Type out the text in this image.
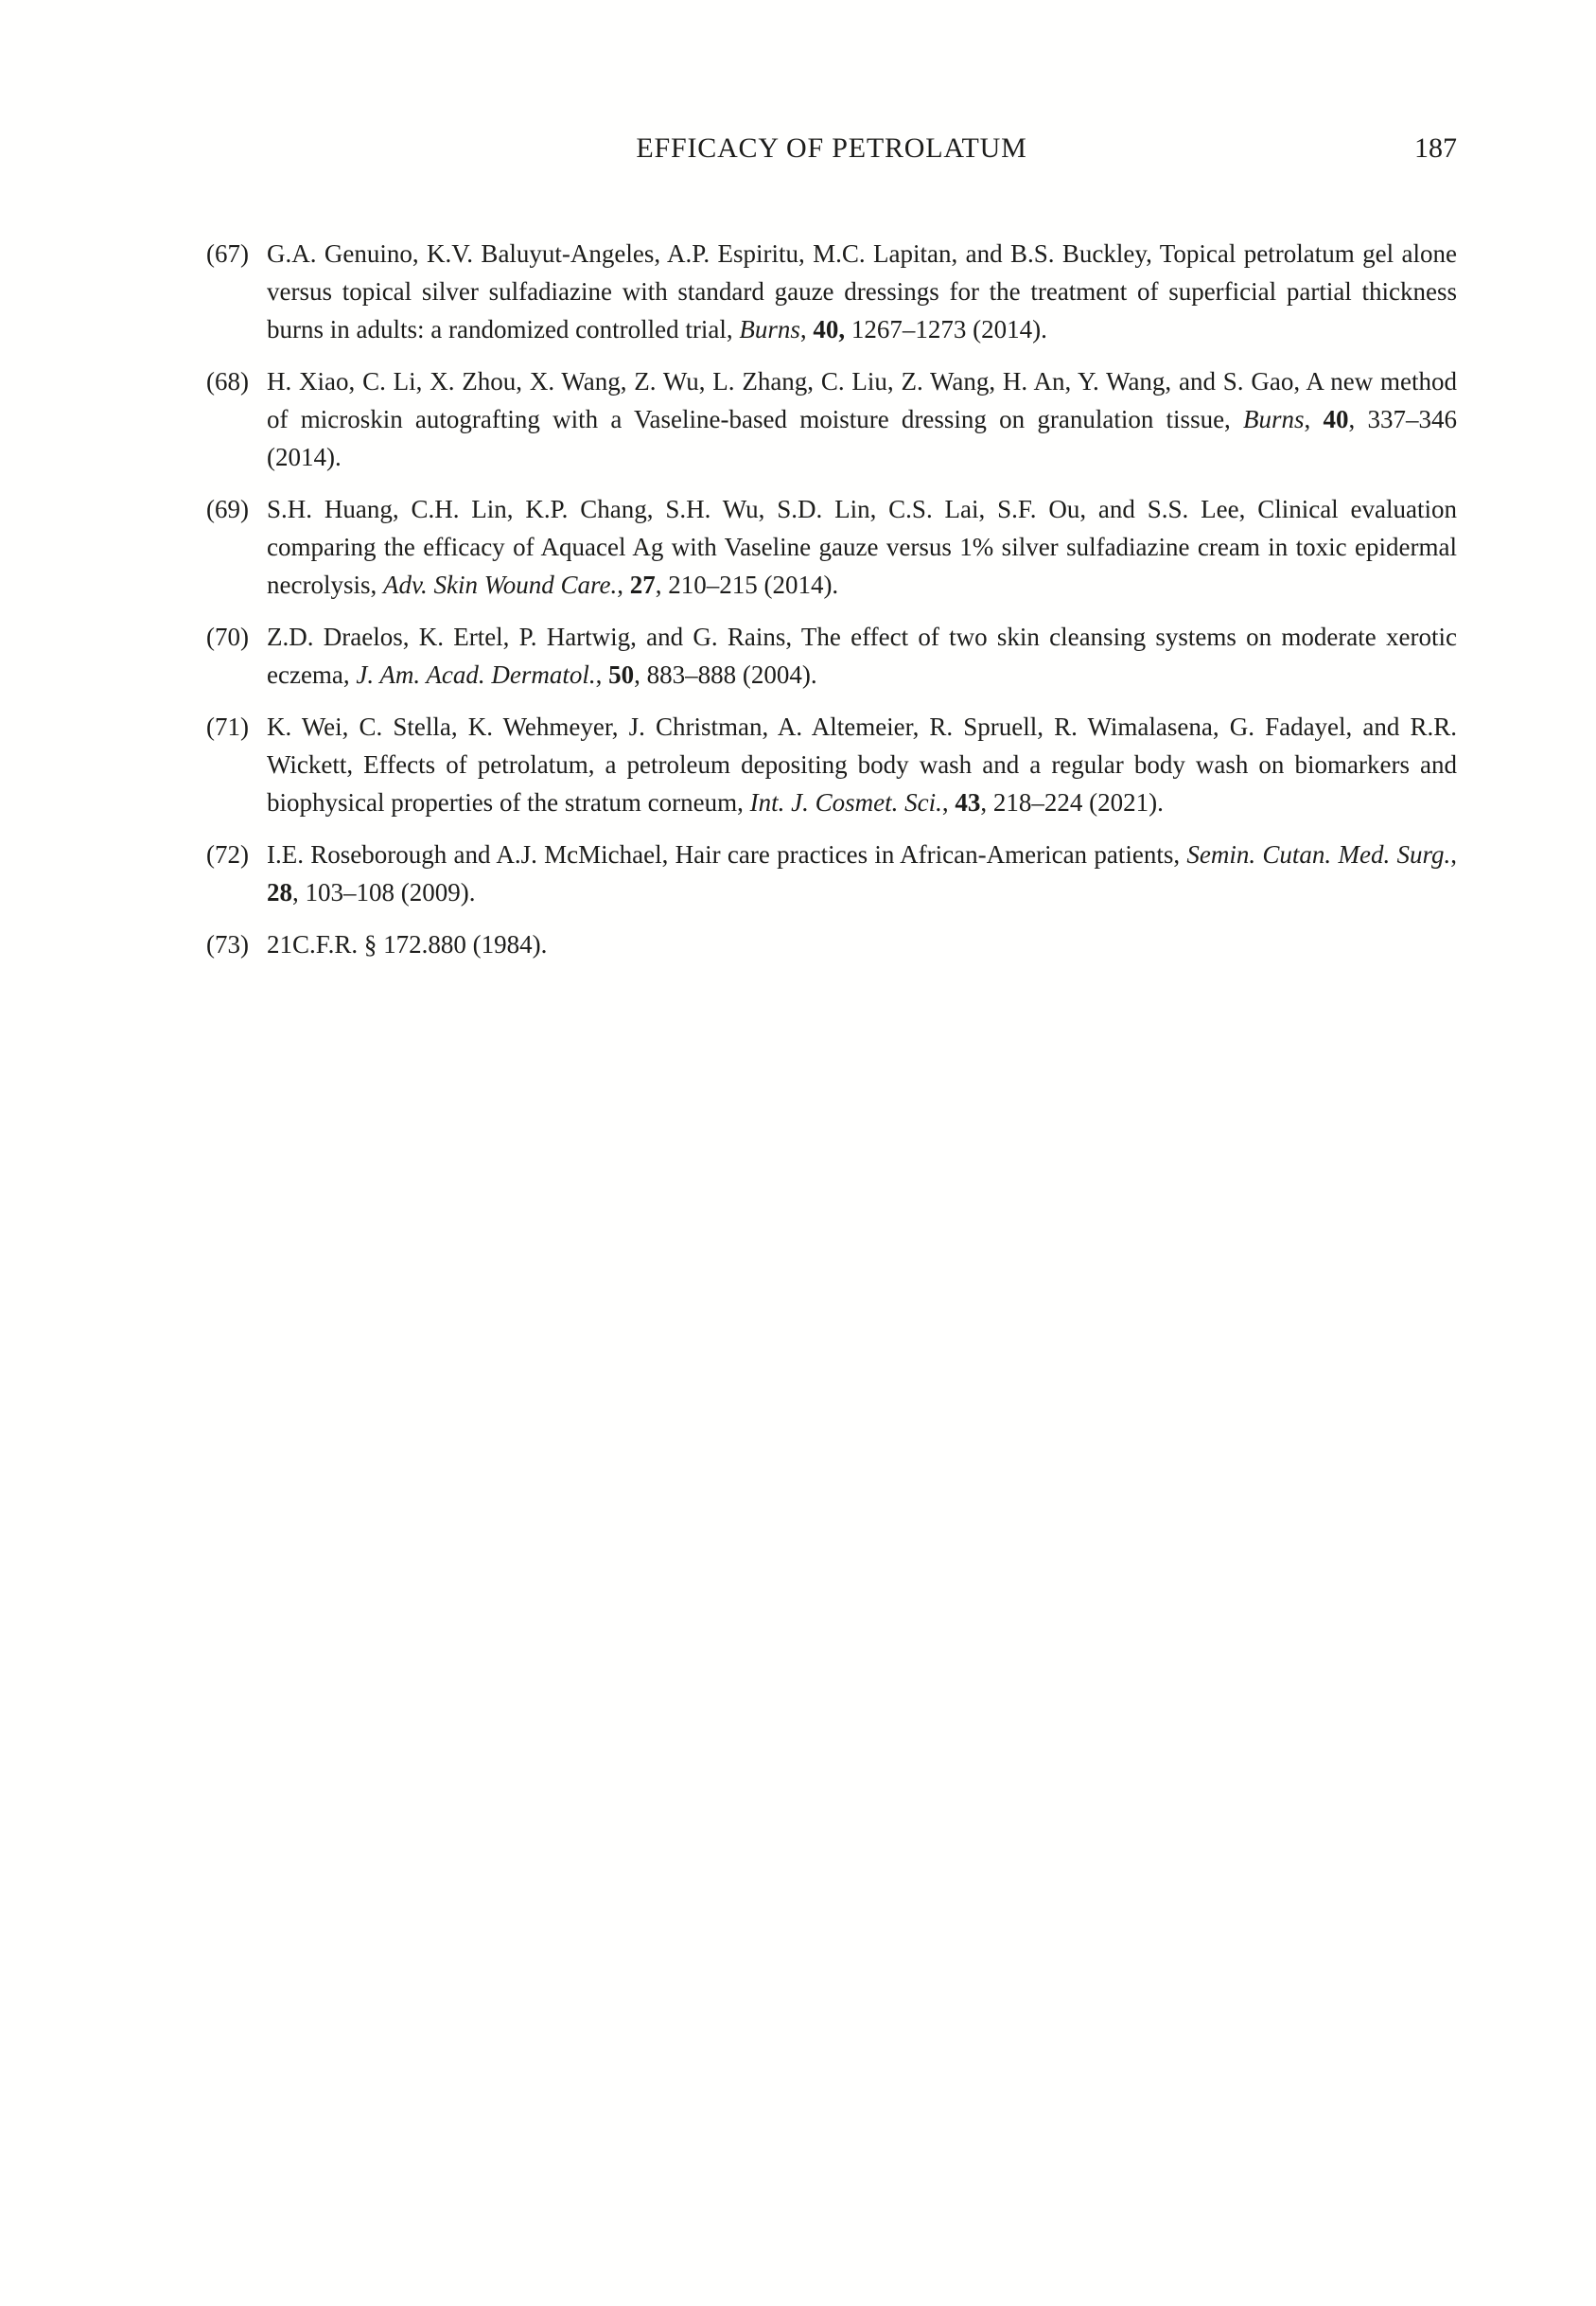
EFFICACY OF PETROLATUM	187
(67) G.A. Genuino, K.V. Baluyut-Angeles, A.P. Espiritu, M.C. Lapitan, and B.S. Buckley, Topical petrolatum gel alone versus topical silver sulfadiazine with standard gauze dressings for the treatment of superficial partial thickness burns in adults: a randomized controlled trial, Burns, 40, 1267–1273 (2014).
(68) H. Xiao, C. Li, X. Zhou, X. Wang, Z. Wu, L. Zhang, C. Liu, Z. Wang, H. An, Y. Wang, and S. Gao, A new method of microskin autografting with a Vaseline-based moisture dressing on granulation tissue, Burns, 40, 337–346 (2014).
(69) S.H. Huang, C.H. Lin, K.P. Chang, S.H. Wu, S.D. Lin, C.S. Lai, S.F. Ou, and S.S. Lee, Clinical evaluation comparing the efficacy of Aquacel Ag with Vaseline gauze versus 1% silver sulfadiazine cream in toxic epidermal necrolysis, Adv. Skin Wound Care., 27, 210–215 (2014).
(70) Z.D. Draelos, K. Ertel, P. Hartwig, and G. Rains, The effect of two skin cleansing systems on moderate xerotic eczema, J. Am. Acad. Dermatol., 50, 883–888 (2004).
(71) K. Wei, C. Stella, K. Wehmeyer, J. Christman, A. Altemeier, R. Spruell, R. Wimalasena, G. Fadayel, and R.R. Wickett, Effects of petrolatum, a petroleum depositing body wash and a regular body wash on biomarkers and biophysical properties of the stratum corneum, Int. J. Cosmet. Sci., 43, 218–224 (2021).
(72) I.E. Roseborough and A.J. McMichael, Hair care practices in African-American patients, Semin. Cutan. Med. Surg., 28, 103–108 (2009).
(73) 21C.F.R. § 172.880 (1984).
